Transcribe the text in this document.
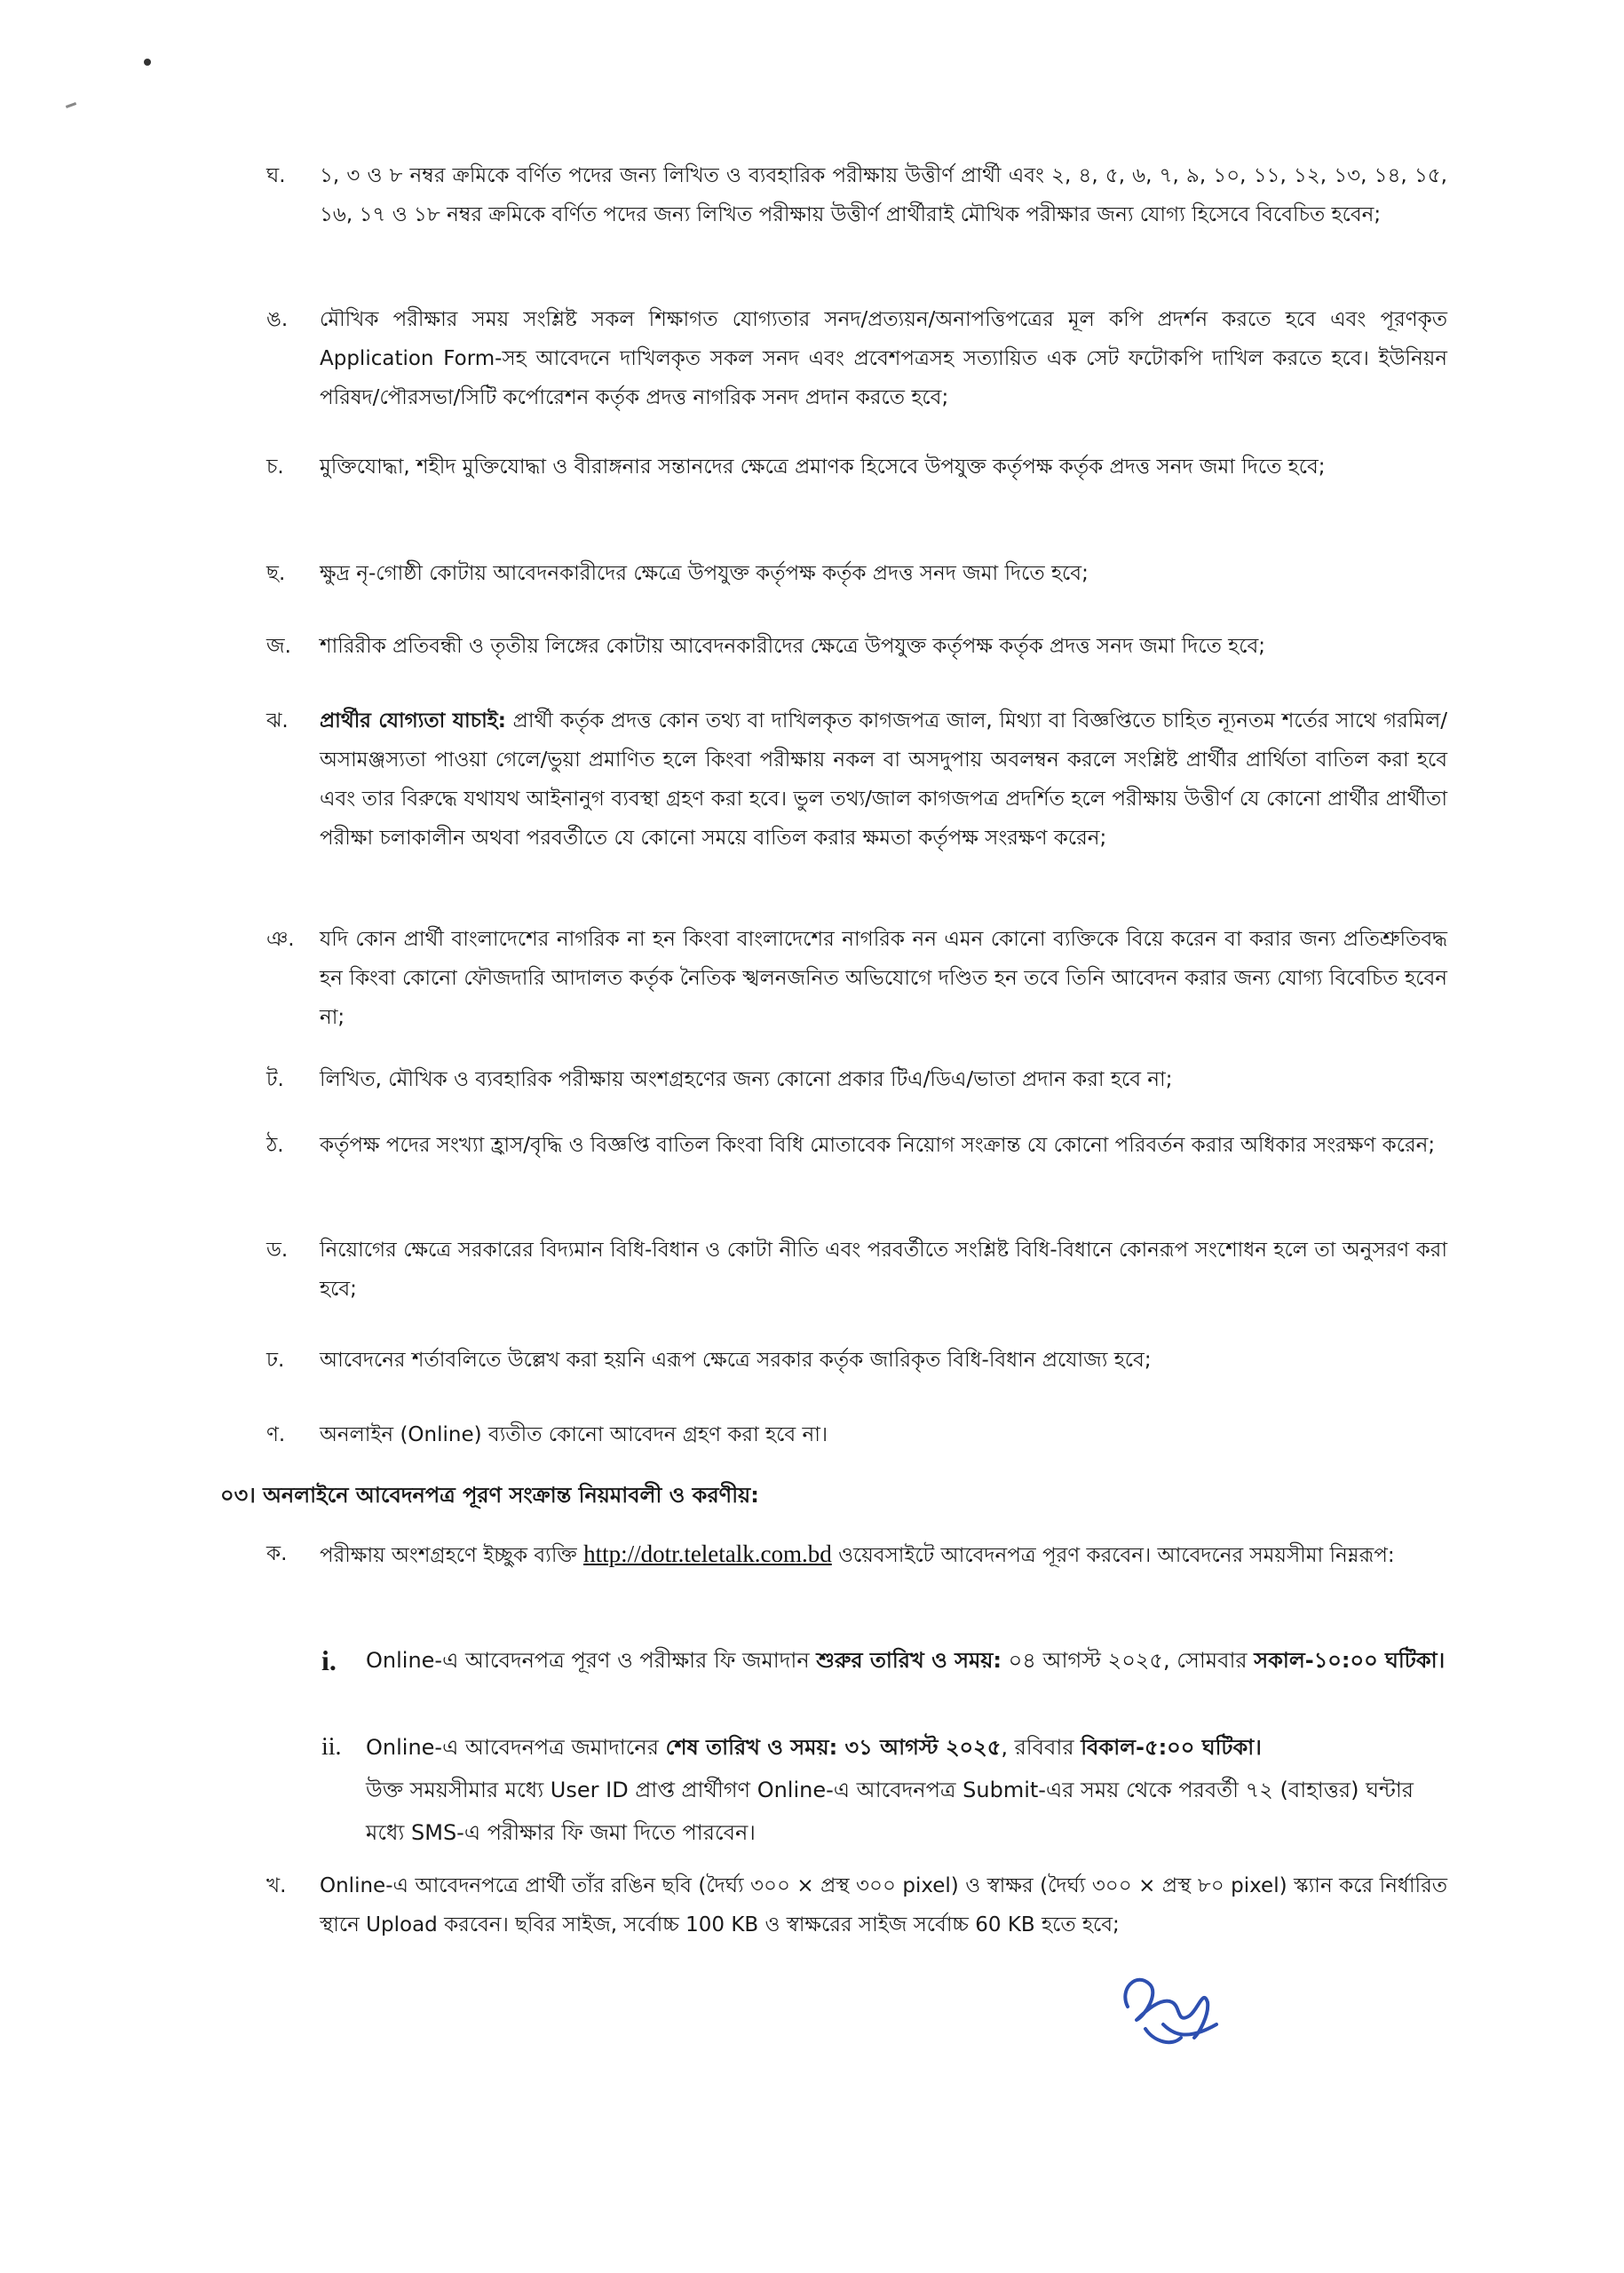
ঘ.	১, ৩ ও ৮ নম্বর ক্রমিকে বর্ণিত পদের জন্য লিখিত ও ব্যবহারিক পরীক্ষায় উত্তীর্ণ প্রার্থী এবং ২, ৪, ৫, ৬, ৭, ৯, ১০, ১১, ১২, ১৩, ১৪, ১৫, ১৬, ১৭ ও ১৮ নম্বর ক্রমিকে বর্ণিত পদের জন্য লিখিত পরীক্ষায় উত্তীর্ণ প্রার্থীরাই মৌখিক পরীক্ষার জন্য যোগ্য হিসেবে বিবেচিত হবেন;
ঙ.	মৌখিক পরীক্ষার সময় সংশ্লিষ্ট সকল শিক্ষাগত যোগ্যতার সনদ/প্রত্যয়ন/অনাপত্তিপত্রের মূল কপি প্রদর্শন করতে হবে এবং পূরণকৃত Application Form-সহ আবেদনে দাখিলকৃত সকল সনদ এবং প্রবেশপত্রসহ সত্যায়িত এক সেট ফটোকপি দাখিল করতে হবে। ইউনিয়ন পরিষদ/পৌরসভা/সিটি কর্পোরেশন কর্তৃক প্রদত্ত নাগরিক সনদ প্রদান করতে হবে;
চ.	মুক্তিযোদ্ধা, শহীদ মুক্তিযোদ্ধা ও বীরাঙ্গনার সন্তানদের ক্ষেত্রে প্রমাণক হিসেবে উপযুক্ত কর্তৃপক্ষ কর্তৃক প্রদত্ত সনদ জমা দিতে হবে;
ছ.	ক্ষুদ্র নৃ-গোষ্ঠী কোটায় আবেদনকারীদের ক্ষেত্রে উপযুক্ত কর্তৃপক্ষ কর্তৃক প্রদত্ত সনদ জমা দিতে হবে;
জ.	শারিরীক প্রতিবন্ধী ও তৃতীয় লিঙ্গের কোটায় আবেদনকারীদের ক্ষেত্রে উপযুক্ত কর্তৃপক্ষ কর্তৃক প্রদত্ত সনদ জমা দিতে হবে;
ঝ.	প্রার্থীর যোগ্যতা যাচাই: প্রার্থী কর্তৃক প্রদত্ত কোন তথ্য বা দাখিলকৃত কাগজপত্র জাল, মিথ্যা বা বিজ্ঞপ্তিতে চাহিত ন্যূনতম শর্তের সাথে গরমিল/অসামঞ্জস্যতা পাওয়া গেলে/ভুয়া প্রমাণিত হলে কিংবা পরীক্ষায় নকল বা অসদুপায় অবলম্বন করলে সংশ্লিষ্ট প্রার্থীর প্রার্থিতা বাতিল করা হবে এবং তার বিরুদ্ধে যথাযথ আইনানুগ ব্যবস্থা গ্রহণ করা হবে। ভুল তথ্য/জাল কাগজপত্র প্রদর্শিত হলে পরীক্ষায় উত্তীর্ণ যে কোনো প্রার্থীর প্রার্থীতা পরীক্ষা চলাকালীন অথবা পরবর্তীতে যে কোনো সময়ে বাতিল করার ক্ষমতা কর্তৃপক্ষ সংরক্ষণ করেন;
ঞ.	যদি কোন প্রার্থী বাংলাদেশের নাগরিক না হন কিংবা বাংলাদেশের নাগরিক নন এমন কোনো ব্যক্তিকে বিয়ে করেন বা করার জন্য প্রতিশ্রুতিবদ্ধ হন কিংবা কোনো ফৌজদারি আদালত কর্তৃক নৈতিক স্খলনজনিত অভিযোগে দণ্ডিত হন তবে তিনি আবেদন করার জন্য যোগ্য বিবেচিত হবেন না;
ট.	লিখিত, মৌখিক ও ব্যবহারিক পরীক্ষায় অংশগ্রহণের জন্য কোনো প্রকার টিএ/ডিএ/ভাতা প্রদান করা হবে না;
ঠ.	কর্তৃপক্ষ পদের সংখ্যা হ্রাস/বৃদ্ধি ও বিজ্ঞপ্তি বাতিল কিংবা বিধি মোতাবেক নিয়োগ সংক্রান্ত যে কোনো পরিবর্তন করার অধিকার সংরক্ষণ করেন;
ড.	নিয়োগের ক্ষেত্রে সরকারের বিদ্যমান বিধি-বিধান ও কোটা নীতি এবং পরবর্তীতে সংশ্লিষ্ট বিধি-বিধানে কোনরূপ সংশোধন হলে তা অনুসরণ করা হবে;
ঢ.	আবেদনের শর্তাবলিতে উল্লেখ করা হয়নি এরূপ ক্ষেত্রে সরকার কর্তৃক জারিকৃত বিধি-বিধান প্রযোজ্য হবে;
ণ.	অনলাইন (Online) ব্যতীত কোনো আবেদন গ্রহণ করা হবে না।
০৩। অনলাইনে আবেদনপত্র পূরণ সংক্রান্ত নিয়মাবলী ও করণীয়:
ক.	পরীক্ষায় অংশগ্রহণে ইচ্ছুক ব্যক্তি http://dotr.teletalk.com.bd ওয়েবসাইটে আবেদনপত্র পূরণ করবেন। আবেদনের সময়সীমা নিম্নরূপ:
i.	Online-এ আবেদনপত্র পূরণ ও পরীক্ষার ফি জমাদান শুরুর তারিখ ও সময়: ০৪ আগস্ট ২০২৫, সোমবার সকাল-১০:০০ ঘটিকা।
ii.	Online-এ আবেদনপত্র জমাদানের শেষ তারিখ ও সময়: ৩১ আগস্ট ২০২৫, রবিবার বিকাল-৫:০০ ঘটিকা।
উক্ত সময়সীমার মধ্যে User ID প্রাপ্ত প্রার্থীগণ Online-এ আবেদনপত্র Submit-এর সময় থেকে পরবর্তী ৭২ (বাহাত্তর) ঘন্টার মধ্যে SMS-এ পরীক্ষার ফি জমা দিতে পারবেন।
খ.	Online-এ আবেদনপত্রে প্রার্থী তাঁর রঙিন ছবি (দৈর্ঘ্য ৩০০ × প্রস্থ ৩০০ pixel) ও স্বাক্ষর (দৈর্ঘ্য ৩০০ × প্রস্থ ৮০ pixel) স্ক্যান করে নির্ধারিত স্থানে Upload করবেন। ছবির সাইজ, সর্বোচ্চ 100 KB ও স্বাক্ষরের সাইজ সর্বোচ্চ 60 KB হতে হবে;
